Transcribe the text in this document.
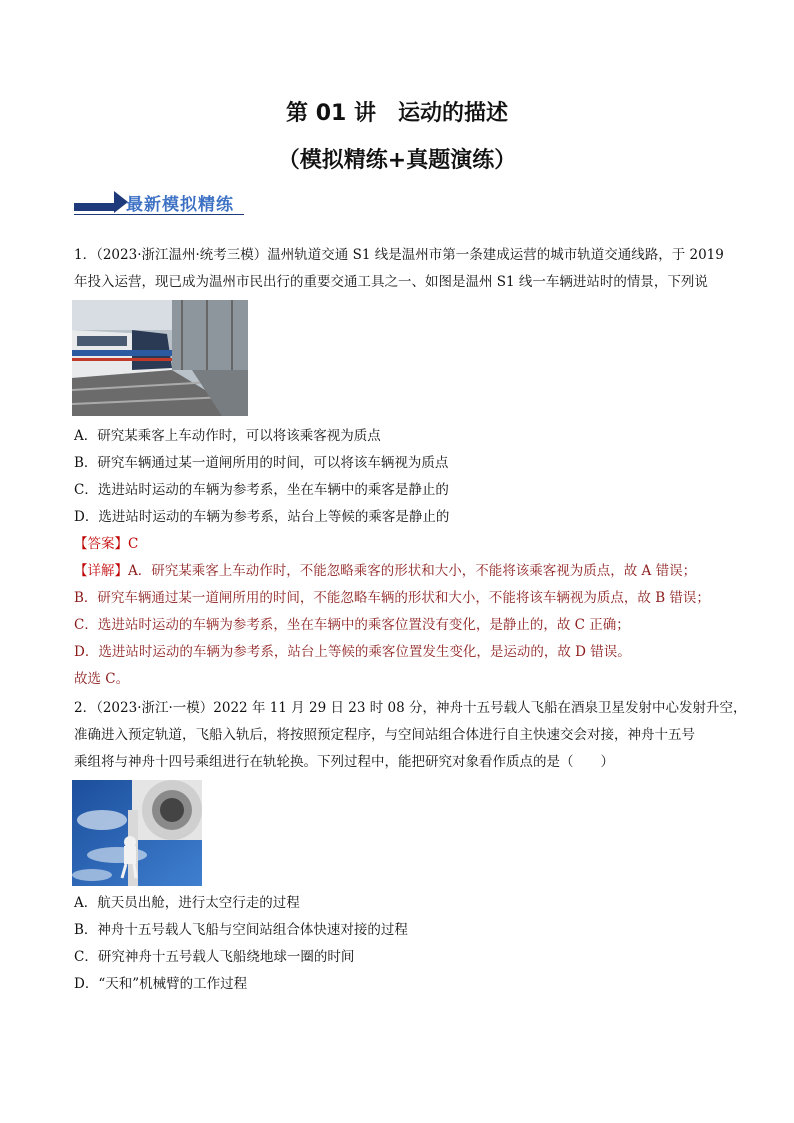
第 01 讲　运动的描述
（模拟精练+真题演练）
最新模拟精练
1．（2023·浙江温州·统考三模）温州轨道交通 S1 线是温州市第一条建成运营的城市轨道交通线路，于 2019
年投入运营，现已成为温州市民出行的重要交通工具之一、如图是温州 S1 线一车辆进站时的情景，下列说
A．研究某乘客上车动作时，可以将该乘客视为质点
B．研究车辆通过某一道闸所用的时间，可以将该车辆视为质点
C．选进站时运动的车辆为参考系，坐在车辆中的乘客是静止的
D．选进站时运动的车辆为参考系，站台上等候的乘客是静止的
【答案】C
【详解】A．研究某乘客上车动作时，不能忽略乘客的形状和大小，不能将该乘客视为质点，故 A 错误；
B．研究车辆通过某一道闸所用的时间，不能忽略车辆的形状和大小，不能将该车辆视为质点，故 B 错误；
C．选进站时运动的车辆为参考系，坐在车辆中的乘客位置没有变化，是静止的，故 C 正确；
D．选进站时运动的车辆为参考系，站台上等候的乘客位置发生变化，是运动的，故 D 错误。
故选 C。
2．（2023·浙江·一模）2022 年 11 月 29 日 23 时 08 分，神舟十五号载人飞船在酒泉卫星发射中心发射升空，
准确进入预定轨道，飞船入轨后，将按照预定程序，与空间站组合体进行自主快速交会对接，神舟十五号
乘组将与神舟十四号乘组进行在轨轮换。下列过程中，能把研究对象看作质点的是（　　）
A．航天员出舱，进行太空行走的过程
B．神舟十五号载人飞船与空间站组合体快速对接的过程
C．研究神舟十五号载人飞船绕地球一圈的时间
D．“天和”机械臂的工作过程
